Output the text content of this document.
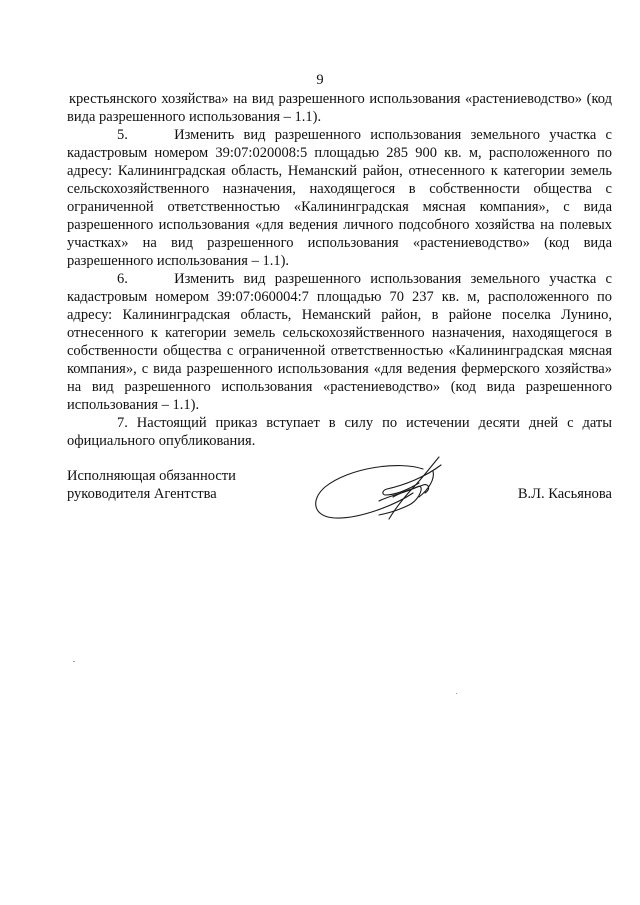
9

крестьянского хозяйства» на вид разрешенного использования «растениеводство» (код вида разрешенного использования – 1.1).

5.     Изменить вид разрешенного использования земельного участка с кадастровым номером 39:07:020008:5 площадью 285 900 кв. м, расположенного по адресу: Калининградская область, Неманский район, отнесенного к категории земель сельскохозяйственного назначения, находящегося в собственности общества с ограниченной ответственностью «Калининградская мясная компания», с вида разрешенного использования «для ведения личного подсобного хозяйства на полевых участках» на вид разрешенного использования «растениеводство» (код вида разрешенного использования – 1.1).

6.     Изменить вид разрешенного использования земельного участка с кадастровым номером 39:07:060004:7 площадью 70 237 кв. м, расположенного по адресу: Калининградская область, Неманский район, в районе поселка Лунино, отнесенного к категории земель сельскохозяйственного назначения, находящегося в собственности общества с ограниченной ответственностью «Калининградская мясная компания», с вида разрешенного использования «для ведения фермерского хозяйства» на вид разрешенного использования «растениеводство» (код вида разрешенного использования – 1.1).

7. Настоящий приказ вступает в силу по истечении десяти дней с даты официального опубликования.

Исполняющая обязанности
руководителя Агентства	В.Л. Касьянова
